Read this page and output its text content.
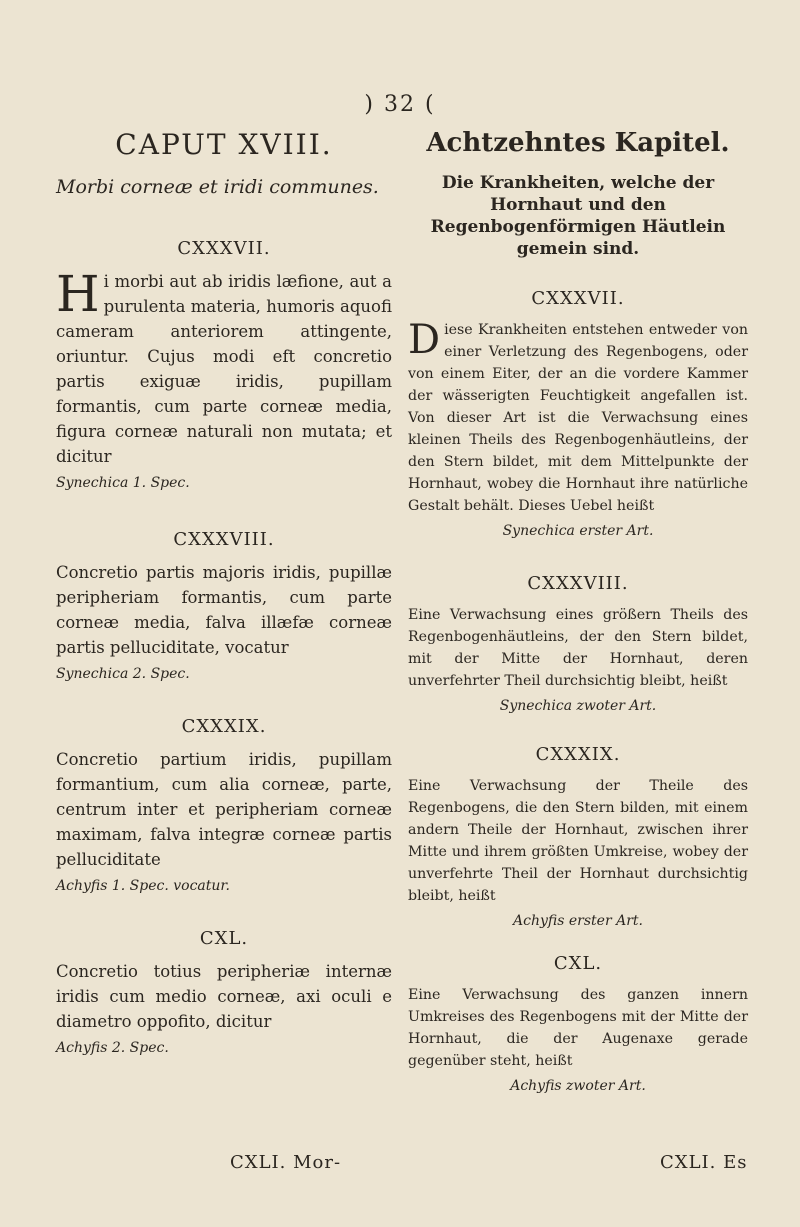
) 32 (
CAPUT XVIII.
Morbi corneæ et iridi communes.
CXXXVII.

Hi morbi aut ab iridis læfione, aut a purulenta materia, humoris aquofi cameram anteriorem attingente, oriuntur. Cujus modi eft concretio partis exiguæ iridis, pupillam formantis, cum parte corneæ media, figura corneæ naturali non mutata; et dicitur

Synechica 1. Spec.
CXXXVIII.

Concretio partis majoris iridis, pupillæ peripheriam formantis, cum parte corneæ media, falva illæfæ corneæ partis pelluciditate, vocatur

Synechica 2. Spec.
CXXXIX.

Concretio partium iridis, pupillam formantium, cum alia corneæ, parte, centrum inter et peripheriam corneæ maximam, falva integræ corneæ partis pelluciditate

Achyfis 1. Spec. vocatur.
CXL.

Concretio totius peripheriæ internæ iridis cum medio corneæ, axi oculi e diametro oppofito, dicitur

Achyfis 2. Spec.
Achtzehntes Kapitel.
Die Krankheiten, welche der Hornhaut und den Regenbogenförmigen Häutlein gemein sind.
CXXXVII.

Diese Krankheiten entstehen entweder von einer Verletzung des Regenbogens, oder von einem Eiter, der an die vordere Kammer der wässerigten Feuchtigkeit angefallen ist. Von dieser Art ist die Verwachsung eines kleinen Theils des Regenbogenhäutleins, der den Stern bildet, mit dem Mittelpunkte der Hornhaut, wobey die Hornhaut ihre natürliche Gestalt behält. Dieses Uebel heißt

Synechica erster Art.
CXXXVIII.

Eine Verwachsung eines größern Theils des Regenbogenhäutleins, der den Stern bildet, mit der Mitte der Hornhaut, deren unverfehrter Theil durchsichtig bleibt, heißt

Synechica zwoter Art.
CXXXIX.

Eine Verwachsung der Theile des Regenbogens, die den Stern bilden, mit einem andern Theile der Hornhaut, zwischen ihrer Mitte und ihrem größten Umkreise, wobey der unverfehrte Theil der Hornhaut durchsichtig bleibt, heißt

Achyfis erster Art.
CXL.

Eine Verwachsung des ganzen innern Umkreises des Regenbogens mit der Mitte der Hornhaut, die der Augenaxe gerade gegenüber steht, heißt

Achyfis zwoter Art.
CXLI. Mor-	CXLI. Es
